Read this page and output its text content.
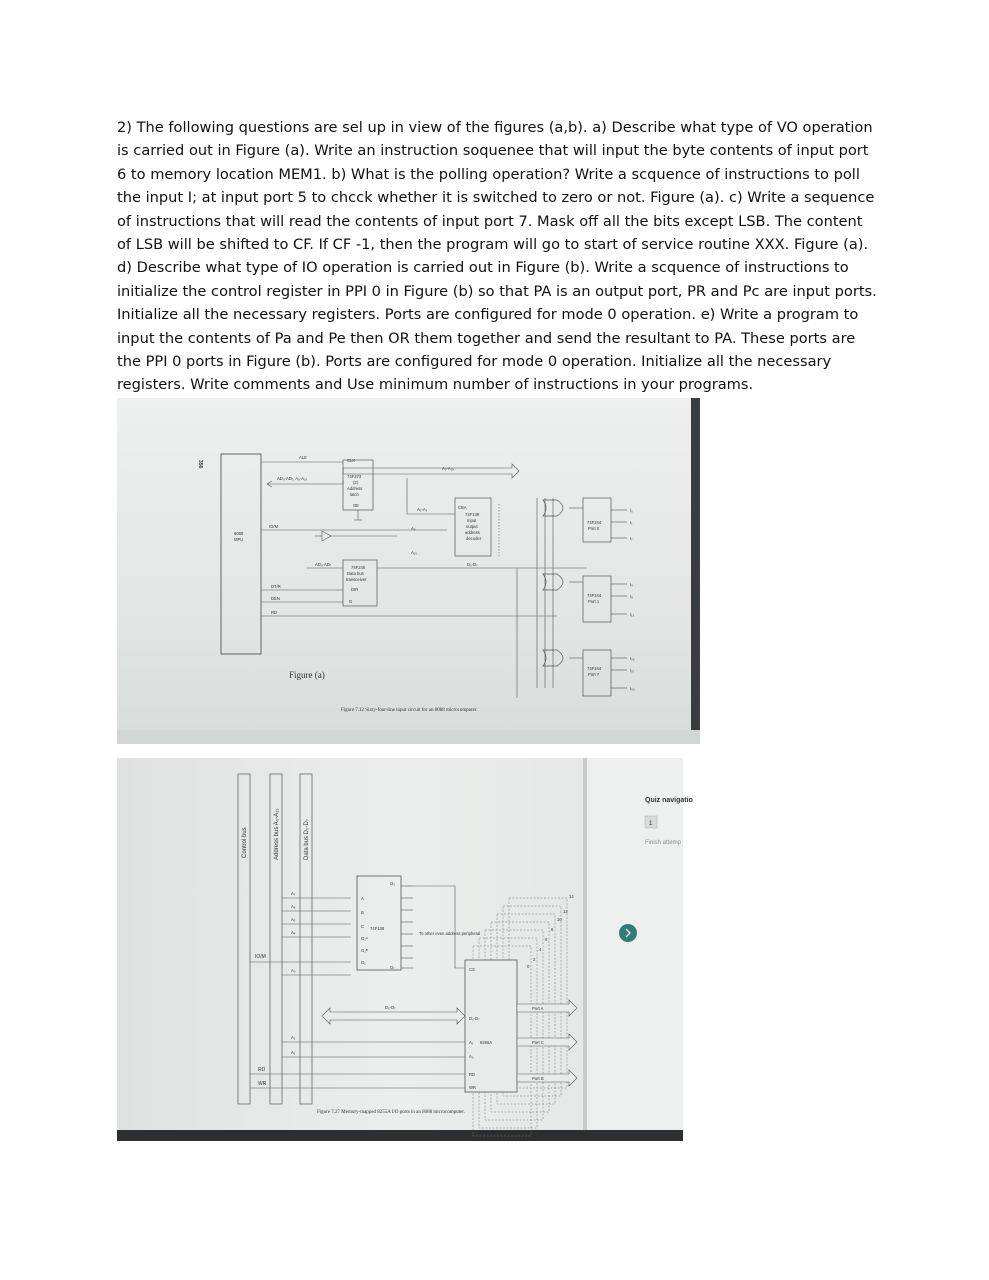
2) The following questions are sel up in view of the figures (a,b). a) Describe what type of VO operation is carried out in Figure (a). Write an instruction soquenee that will input the byte contents of input port 6 to memory location MEM1. b) What is the polling operation? Write a scquence of instructions to poll the input I; at input port 5 to chcck whether it is switched to zero or not. Figure (a). c) Write a sequence of instructions that will read the contents of input port 7. Mask off all the bits except LSB. The content of LSB will be shifted to CF. If CF -1, then the program will go to start of service routine XXX. Figure (a). d) Describe what type of IO operation is carried out in Figure (b). Write a scquence of instructions to initialize the control register in PPI 0 in Figure (b) so that PA is an output port, PR and Pc are input ports. Initialize all the necessary registers. Ports are configured for mode 0 operation. e) Write a program to input the contents of Pa and Pe then OR them together and send the resultant to PA. These ports are the PPI 0 ports in Figure (b). Ports are configured for mode 0 operation. Initialize all the necessary registers. Write comments and Use minimum number of instructions in your programs.

356
8088
MPU
ALE
CLK
A₀-A₁₉
AD₀-AD₇, A₈-A₁₉	74F373
(2)
Address
latch
OE
IO/M
A₃-A₅
A₀
A₁₅
CBA
74F138
Input
output
address
decoder
74F245
Data bus
transceiver
DIR
G
AD₀-AD₇
DT/R
DEN
RD
D₀-D₇
74F244
Port 0
74F244
Port 1
74F244
Port 7
I₀
I₁
I₇
I₈
I₉
I₁₅
I₅₆
I₅₇
I₆₃
Figure (a)
Figure 7.12 Sixty-four-line input circuit for an 8088 microcomputer.
Quiz navigatio
1
Finish attemp
Control bus	Address bus A₀-A₁₉	Data bus D₀-D₇
IO/M
RD
WR
A₇
A₆
A₅
A₄
A₀
A₁
A₂
A
B
C
G₂ᴬ
G₂ᴮ
G₁
74F138
O₀
O₇
To other even address peripheral
14
12
10
8
6
4
2
0
CS
D₀-D₇
A₁ 8255A
A₀
RD
WR
Port A
Port C
Port B
D₀-D₇
Figure 7.27 Memory-mapped 8255A I/O ports in an 8088 microcomputer.
